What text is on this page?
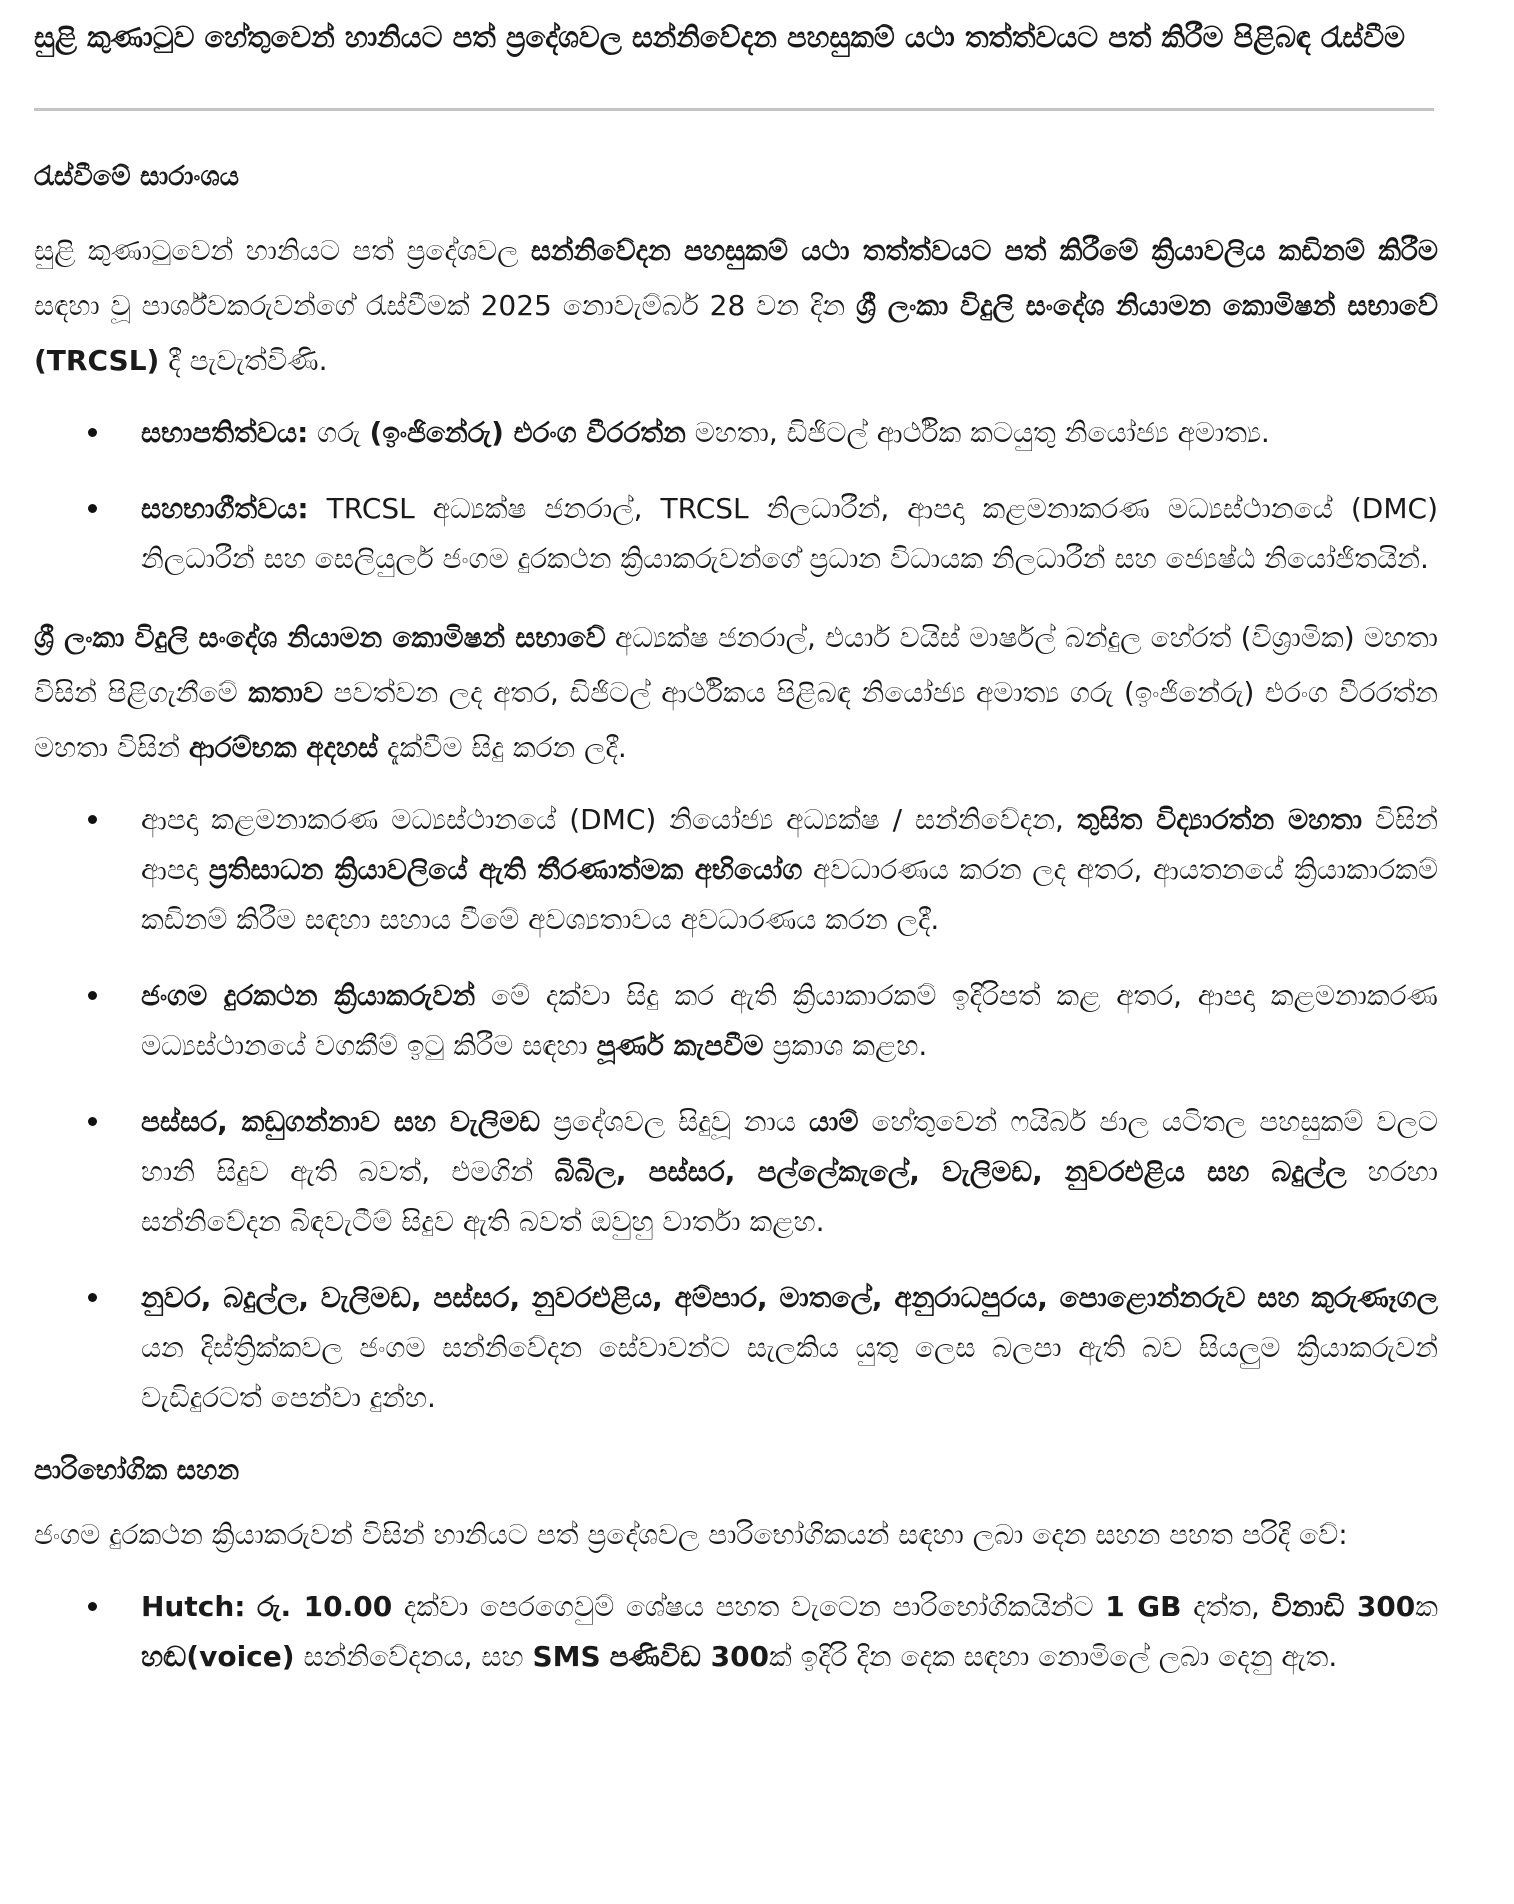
සුළි කුණාටුව හේතුවෙන් හානියට පත් ප්‍රදේශවල සන්නිවේදන පහසුකම් යථා තත්ත්වයට පත් කිරීම පිළිබඳ රැස්වීම
රැස්වීමේ සාරාංශය

සුළි කුණාටුවෙන් හානියට පත් ප්‍රදේශවල සන්නිවේදන පහසුකම් යථා තත්ත්වයට පත් කිරීමේ ක්‍රියාවලිය කඩිනම් කිරීම සඳහා වූ පාර්ශ්වකරුවන්ගේ රැස්වීමක් 2025 නොවැම්බර් 28 වන දින ශ්‍රී ලංකා විදුලි සංදේශ නියාමන කොමිෂන් සභාවේ (TRCSL) දී පැවැත්විණි.

සභාපතිත්වය: ගරු (ඉංජිනේරු) එරංග වීරරත්න මහතා, ඩිජිටල් ආර්ථික කටයුතු නියෝජ්‍ය අමාත්‍ය.
සහභාගීත්වය: TRCSL අධ්‍යක්ෂ ජනරාල්, TRCSL නිලධාරීන්, ආපදා කළමනාකරණ මධ්‍යස්ථානයේ (DMC) නිලධාරීන් සහ සෙලියුලර් ජංගම දුරකථන ක්‍රියාකරුවන්ගේ ප්‍රධාන විධායක නිලධාරීන් සහ ජ්‍යෙෂ්ඨ නියෝජිතයින්.

ශ්‍රී ලංකා විදුලි සංදේශ නියාමන කොමිෂන් සභාවේ අධ්‍යක්ෂ ජනරාල්, එයාර් වයිස් මාර්ෂල් බන්දුල හේරත් (විශ්‍රාමික) මහතා විසින් පිළිගැනීමේ කතාව පවත්වන ලද අතර, ඩිජිටල් ආර්ථිකය පිළිබඳ නියෝජ්‍ය අමාත්‍ය ගරු (ඉංජිනේරු) එරංග වීරරත්න මහතා විසින් ආරම්භක අදහස් දැක්වීම සිදු කරන ලදී.

ආපදා කළමනාකරණ මධ්‍යස්ථානයේ (DMC) නියෝජ්‍ය අධ්‍යක්ෂ / සන්නිවේදන, තුසිත විද්‍යාරත්න මහතා විසින් ආපදා ප්‍රතිසාධන ක්‍රියාවලියේ ඇති තීරණාත්මක අභියෝග අවධාරණය කරන ලද අතර, ආයතනයේ ක්‍රියාකාරකම් කඩිනම් කිරීම සඳහා සහාය වීමේ අවශ්‍යතාවය අවධාරණය කරන ලදී.
ජංගම දුරකථන ක්‍රියාකරුවන් මේ දක්වා සිදු කර ඇති ක්‍රියාකාරකම් ඉදිරිපත් කළ අතර, ආපදා කළමනාකරණ මධ්‍යස්ථානයේ වගකීම් ඉටු කිරීම සඳහා පූර්ණ කැපවීම ප්‍රකාශ කළහ.
පස්සර, කඩුගන්නාව සහ වැලිමඩ ප්‍රදේශවල සිදුවූ නාය යාම් හේතුවෙන් ෆයිබර් ජාල යටිතල පහසුකම් වලට හානි සිදුව ඇති බවත්, එමගින් බිබිල, පස්සර, පල්ලේකැලේ, වැලිමඩ, නුවරඑළිය සහ බදුල්ල හරහා සන්නිවේදන බිඳවැටීම් සිදුව ඇති බවත් ඔවුහු වාර්තා කළහ.
නුවර, බදුල්ල, වැලිමඩ, පස්සර, නුවරඑළිය, අම්පාර, මාතලේ, අනුරාධපුරය, පොළොන්නරුව සහ කුරුණෑගල යන දිස්ත්‍රික්කවල ජංගම සන්නිවේදන සේවාවන්ට සැලකිය යුතු ලෙස බලපා ඇති බව සියලුම ක්‍රියාකරුවන් වැඩිදුරටත් පෙන්වා දුන්හ.
පාරිභෝගික සහන

ජංගම දුරකථන ක්‍රියාකරුවන් විසින් හානියට පත් ප්‍රදේශවල පාරිභෝගිකයන් සඳහා ලබා දෙන සහන පහත පරිදි වේ:

Hutch: රු. 10.00 දක්වා පෙරගෙවුම් ශේෂය පහත වැටෙන පාරිභෝගිකයින්ට 1 GB දත්ත, විනාඩි 300ක හඬ(voice) සන්නිවේදනය, සහ SMS පණිවිඩ 300ක් ඉදිරි දින දෙක සඳහා නොමිලේ ලබා දෙනු ඇත.
